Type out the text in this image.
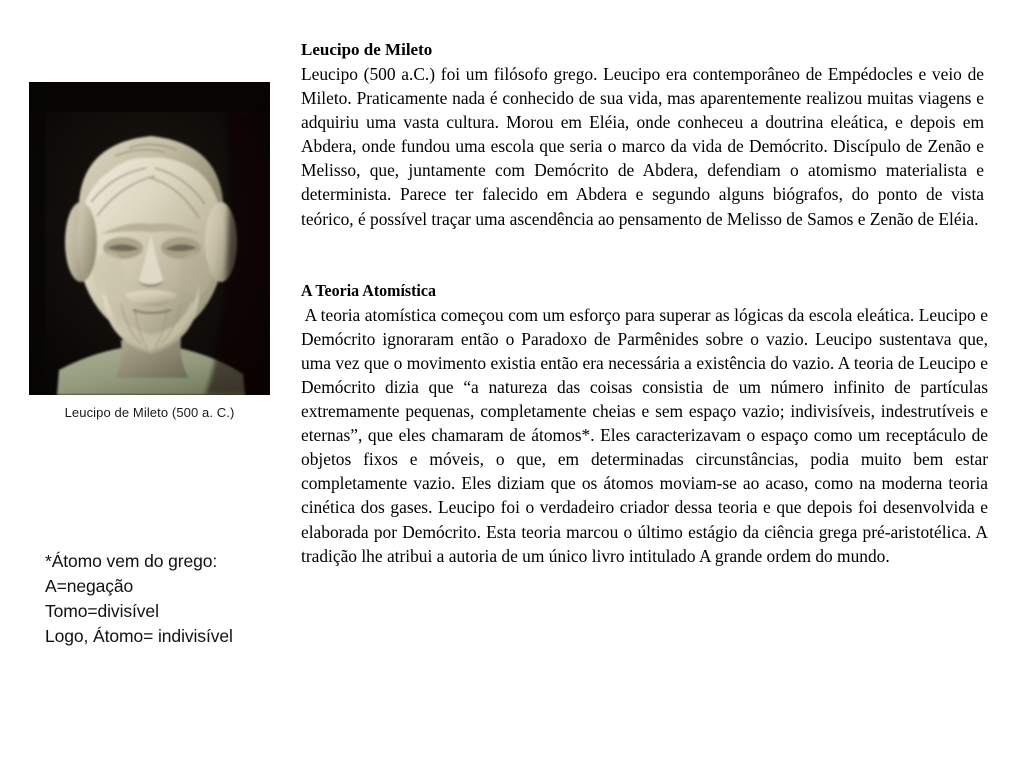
Leucipo de Mileto (500 a. C.)
*Átomo vem do grego:
A=negação
Tomo=divisível
Logo, Átomo= indivisível
Leucipo de Mileto

Leucipo (500 a.C.) foi um filósofo grego. Leucipo era contemporâneo de Empédocles e veio de Mileto. Praticamente nada é conhecido de sua vida, mas aparentemente realizou muitas viagens e adquiriu uma vasta cultura. Morou em Eléia, onde conheceu a doutrina eleática, e depois em Abdera, onde fundou uma escola que seria o marco da vida de Demócrito. Discípulo de Zenão e Melisso, que, juntamente com Demócrito de Abdera, defendiam o atomismo materialista e determinista. Parece ter falecido em Abdera e segundo alguns biógrafos, do ponto de vista teórico, é possível traçar uma ascendência ao pensamento de Melisso de Samos e Zenão de Eléia.

A Teoria Atomística

A teoria atomística começou com um esforço para superar as lógicas da escola eleática. Leucipo e Demócrito ignoraram então o Paradoxo de Parmênides sobre o vazio. Leucipo sustentava que, uma vez que o movimento existia então era necessária a existência do vazio. A teoria de Leucipo e Demócrito dizia que “a natureza das coisas consistia de um número infinito de partículas extremamente pequenas, completamente cheias e sem espaço vazio; indivisíveis, indestrutíveis e eternas”, que eles chamaram de átomos*. Eles caracterizavam o espaço como um receptáculo de objetos fixos e móveis, o que, em determinadas circunstâncias, podia muito bem estar completamente vazio. Eles diziam que os átomos moviam-se ao acaso, como na moderna teoria cinética dos gases. Leucipo foi o verdadeiro criador dessa teoria e que depois foi desenvolvida e elaborada por Demócrito. Esta teoria marcou o último estágio da ciência grega pré-aristotélica. A tradição lhe atribui a autoria de um único livro intitulado A grande ordem do mundo.
